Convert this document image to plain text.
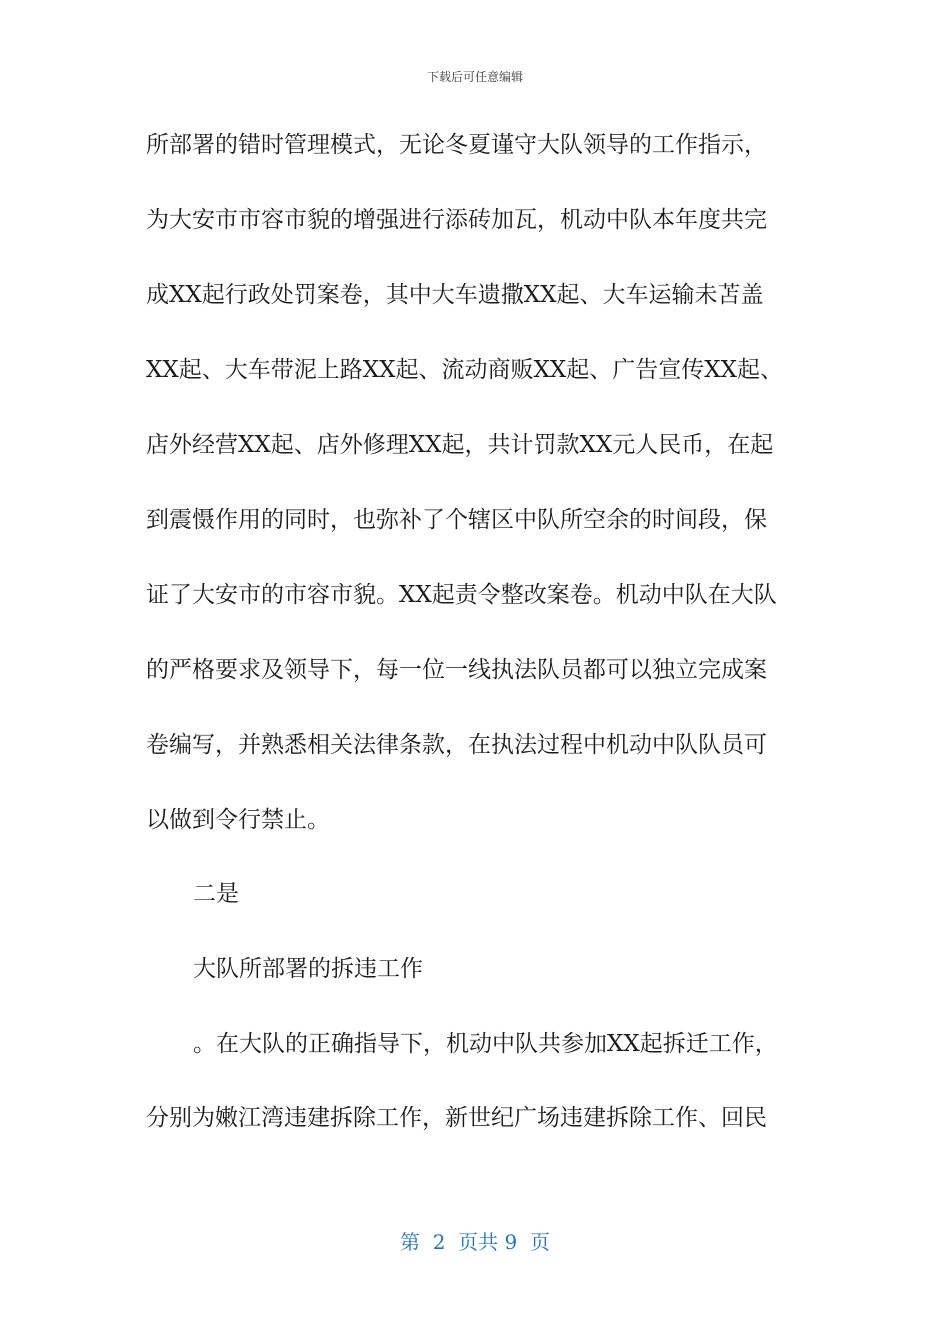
下载后可任意编辑
所部署的错时管理模式，无论冬夏谨守大队领导的工作指示，
为大安市市容市貌的增强进行添砖加瓦，机动中队本年度共完
成XX起行政处罚案卷，其中大车遗撒XX起、大车运输未苫盖
XX起、大车带泥上路XX起、流动商贩XX起、广告宣传XX起、
店外经营XX起、店外修理XX起，共计罚款XX元人民币，在起
到震慑作用的同时，也弥补了个辖区中队所空余的时间段，保
证了大安市的市容市貌。XX起责令整改案卷。机动中队在大队
的严格要求及领导下，每一位一线执法队员都可以独立完成案
卷编写，并熟悉相关法律条款，在执法过程中机动中队队员可
以做到令行禁止。
二是
大队所部署的拆违工作
。在大队的正确指导下，机动中队共参加XX起拆迁工作，
分别为嫩江湾违建拆除工作，新世纪广场违建拆除工作、回民
第  2  页共 9  页
